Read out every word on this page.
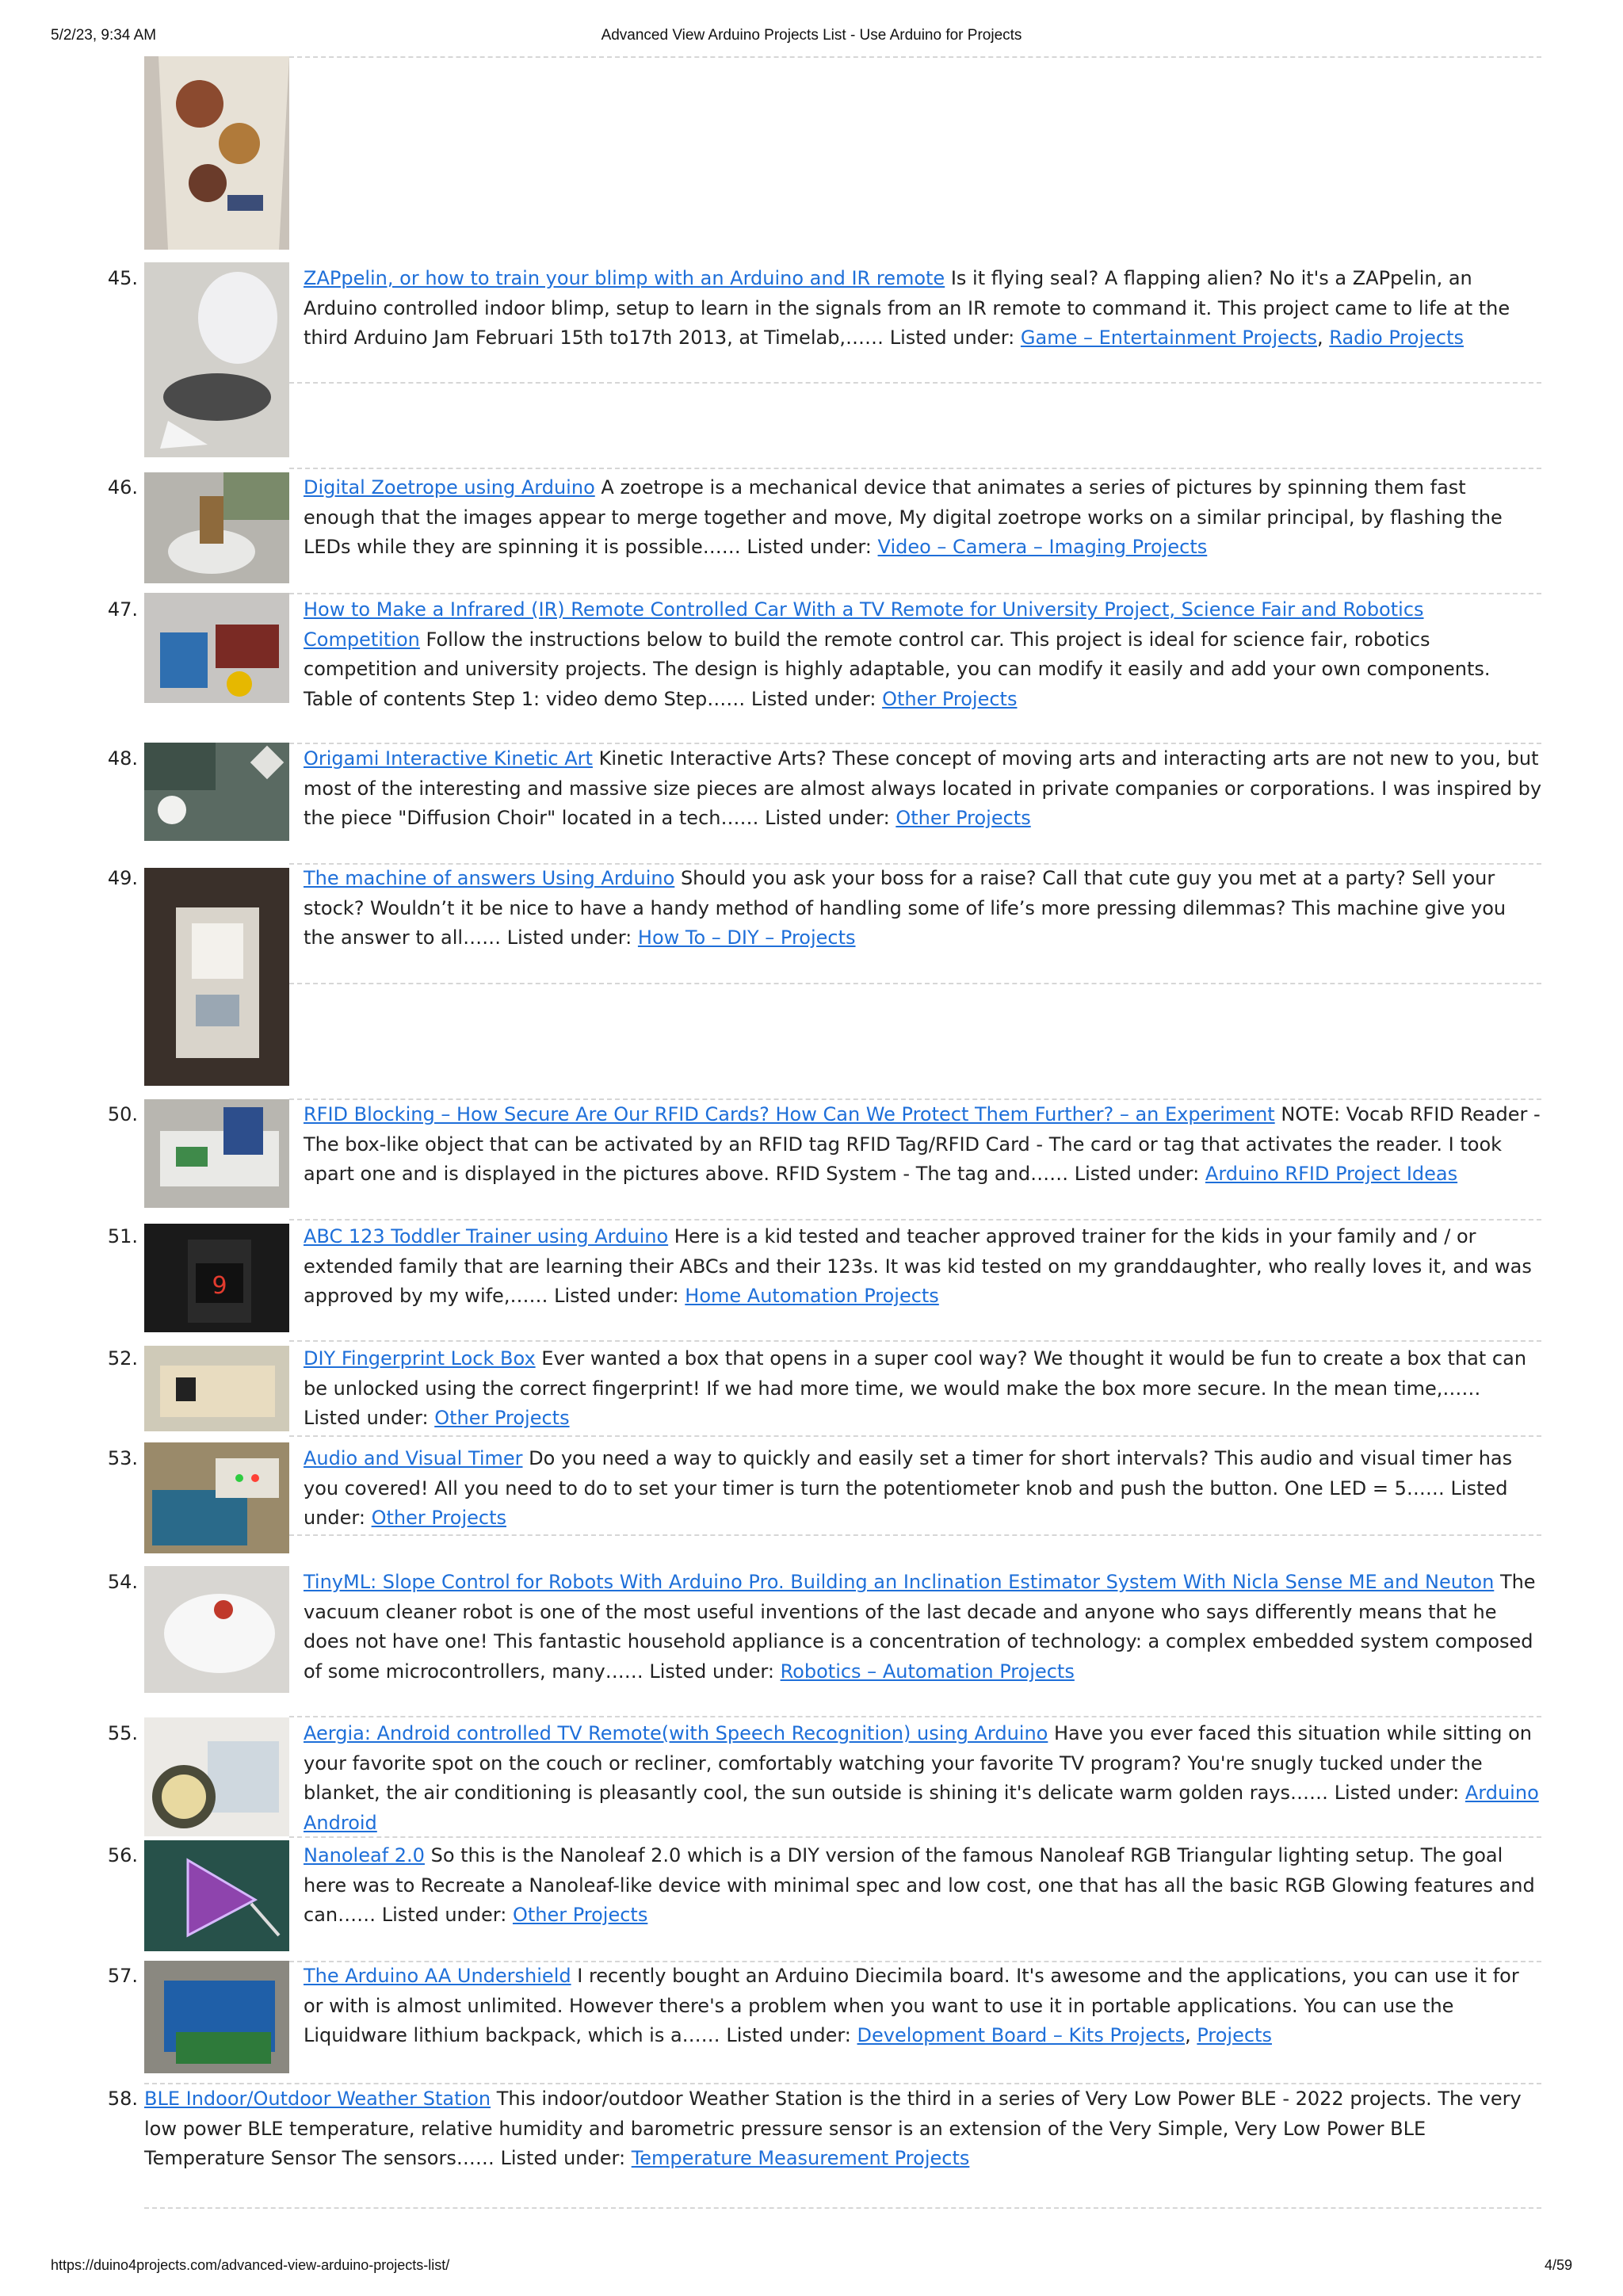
5/2/23, 9:34 AM	Advanced View Arduino Projects List - Use Arduino for Projects
https://duino4projects.com/advanced-view-arduino-projects-list/	4/59
45.	ZAPpelin, or how to train your blimp with an Arduino and IR remote Is it flying seal? A flapping alien? No it's a ZAPpelin, an Arduino controlled indoor blimp, setup to learn in the signals from an IR remote to command it. This project came to life at the third Arduino Jam Februari 15th to17th 2013, at Timelab,…… Listed under: Game – Entertainment Projects, Radio Projects
46.	Digital Zoetrope using Arduino A zoetrope is a mechanical device that animates a series of pictures by spinning them fast enough that the images appear to merge together and move, My digital zoetrope works on a similar principal, by flashing the LEDs while they are spinning it is possible…… Listed under: Video – Camera – Imaging Projects
47.	How to Make a Infrared (IR) Remote Controlled Car With a TV Remote for University Project, Science Fair and Robotics Competition Follow the instructions below to build the remote control car. This project is ideal for science fair, robotics competition and university projects. The design is highly adaptable, you can modify it easily and add your own components. Table of contents Step 1: video demo Step…… Listed under: Other Projects
48.	Origami Interactive Kinetic Art Kinetic Interactive Arts? These concept of moving arts and interacting arts are not new to you, but most of the interesting and massive size pieces are almost always located in private companies or corporations. I was inspired by the piece "Diffusion Choir" located in a tech…… Listed under: Other Projects
49.	The machine of answers Using Arduino Should you ask your boss for a raise? Call that cute guy you met at a party? Sell your stock? Wouldn’t it be nice to have a handy method of handling some of life’s more pressing dilemmas? This machine give you the answer to all…… Listed under: How To – DIY – Projects
50.	RFID Blocking – How Secure Are Our RFID Cards? How Can We Protect Them Further? – an Experiment NOTE: Vocab RFID Reader - The box-like object that can be activated by an RFID tag RFID Tag/RFID Card - The card or tag that activates the reader. I took apart one and is displayed in the pictures above. RFID System - The tag and…… Listed under: Arduino RFID Project Ideas
9
51.	ABC 123 Toddler Trainer using Arduino Here is a kid tested and teacher approved trainer for the kids in your family and / or extended family that are learning their ABCs and their 123s. It was kid tested on my granddaughter, who really loves it, and was approved by my wife,…… Listed under: Home Automation Projects
52.	DIY Fingerprint Lock Box Ever wanted a box that opens in a super cool way? We thought it would be fun to create a box that can be unlocked using the correct fingerprint! If we had more time, we would make the box more secure. In the mean time,…… Listed under: Other Projects
53.	Audio and Visual Timer Do you need a way to quickly and easily set a timer for short intervals? This audio and visual timer has you covered! All you need to do to set your timer is turn the potentiometer knob and push the button. One LED = 5…… Listed under: Other Projects
54.	TinyML: Slope Control for Robots With Arduino Pro. Building an Inclination Estimator System With Nicla Sense ME and Neuton The vacuum cleaner robot is one of the most useful inventions of the last decade and anyone who says differently means that he does not have one! This fantastic household appliance is a concentration of technology: a complex embedded system composed of some microcontrollers, many…… Listed under: Robotics – Automation Projects
55.	Aergia: Android controlled TV Remote(with Speech Recognition) using Arduino Have you ever faced this situation while sitting on your favorite spot on the couch or recliner, comfortably watching your favorite TV program? You're snugly tucked under the blanket, the air conditioning is pleasantly cool, the sun outside is shining it's delicate warm golden rays…… Listed under: Arduino Android
56.	Nanoleaf 2.0 So this is the Nanoleaf 2.0 which is a DIY version of the famous Nanoleaf RGB Triangular lighting setup. The goal here was to Recreate a Nanoleaf-like device with minimal spec and low cost, one that has all the basic RGB Glowing features and can…… Listed under: Other Projects
57.	The Arduino AA Undershield I recently bought an Arduino Diecimila board. It's awesome and the applications, you can use it for or with is almost unlimited. However there's a problem when you want to use it in portable applications. You can use the Liquidware lithium backpack, which is a…… Listed under: Development Board – Kits Projects, Projects
58. BLE Indoor/Outdoor Weather Station This indoor/outdoor Weather Station is the third in a series of Very Low Power BLE - 2022 projects. The very low power BLE temperature, relative humidity and barometric pressure sensor is an extension of the Very Simple, Very Low Power BLE Temperature Sensor The sensors…… Listed under: Temperature Measurement Projects
